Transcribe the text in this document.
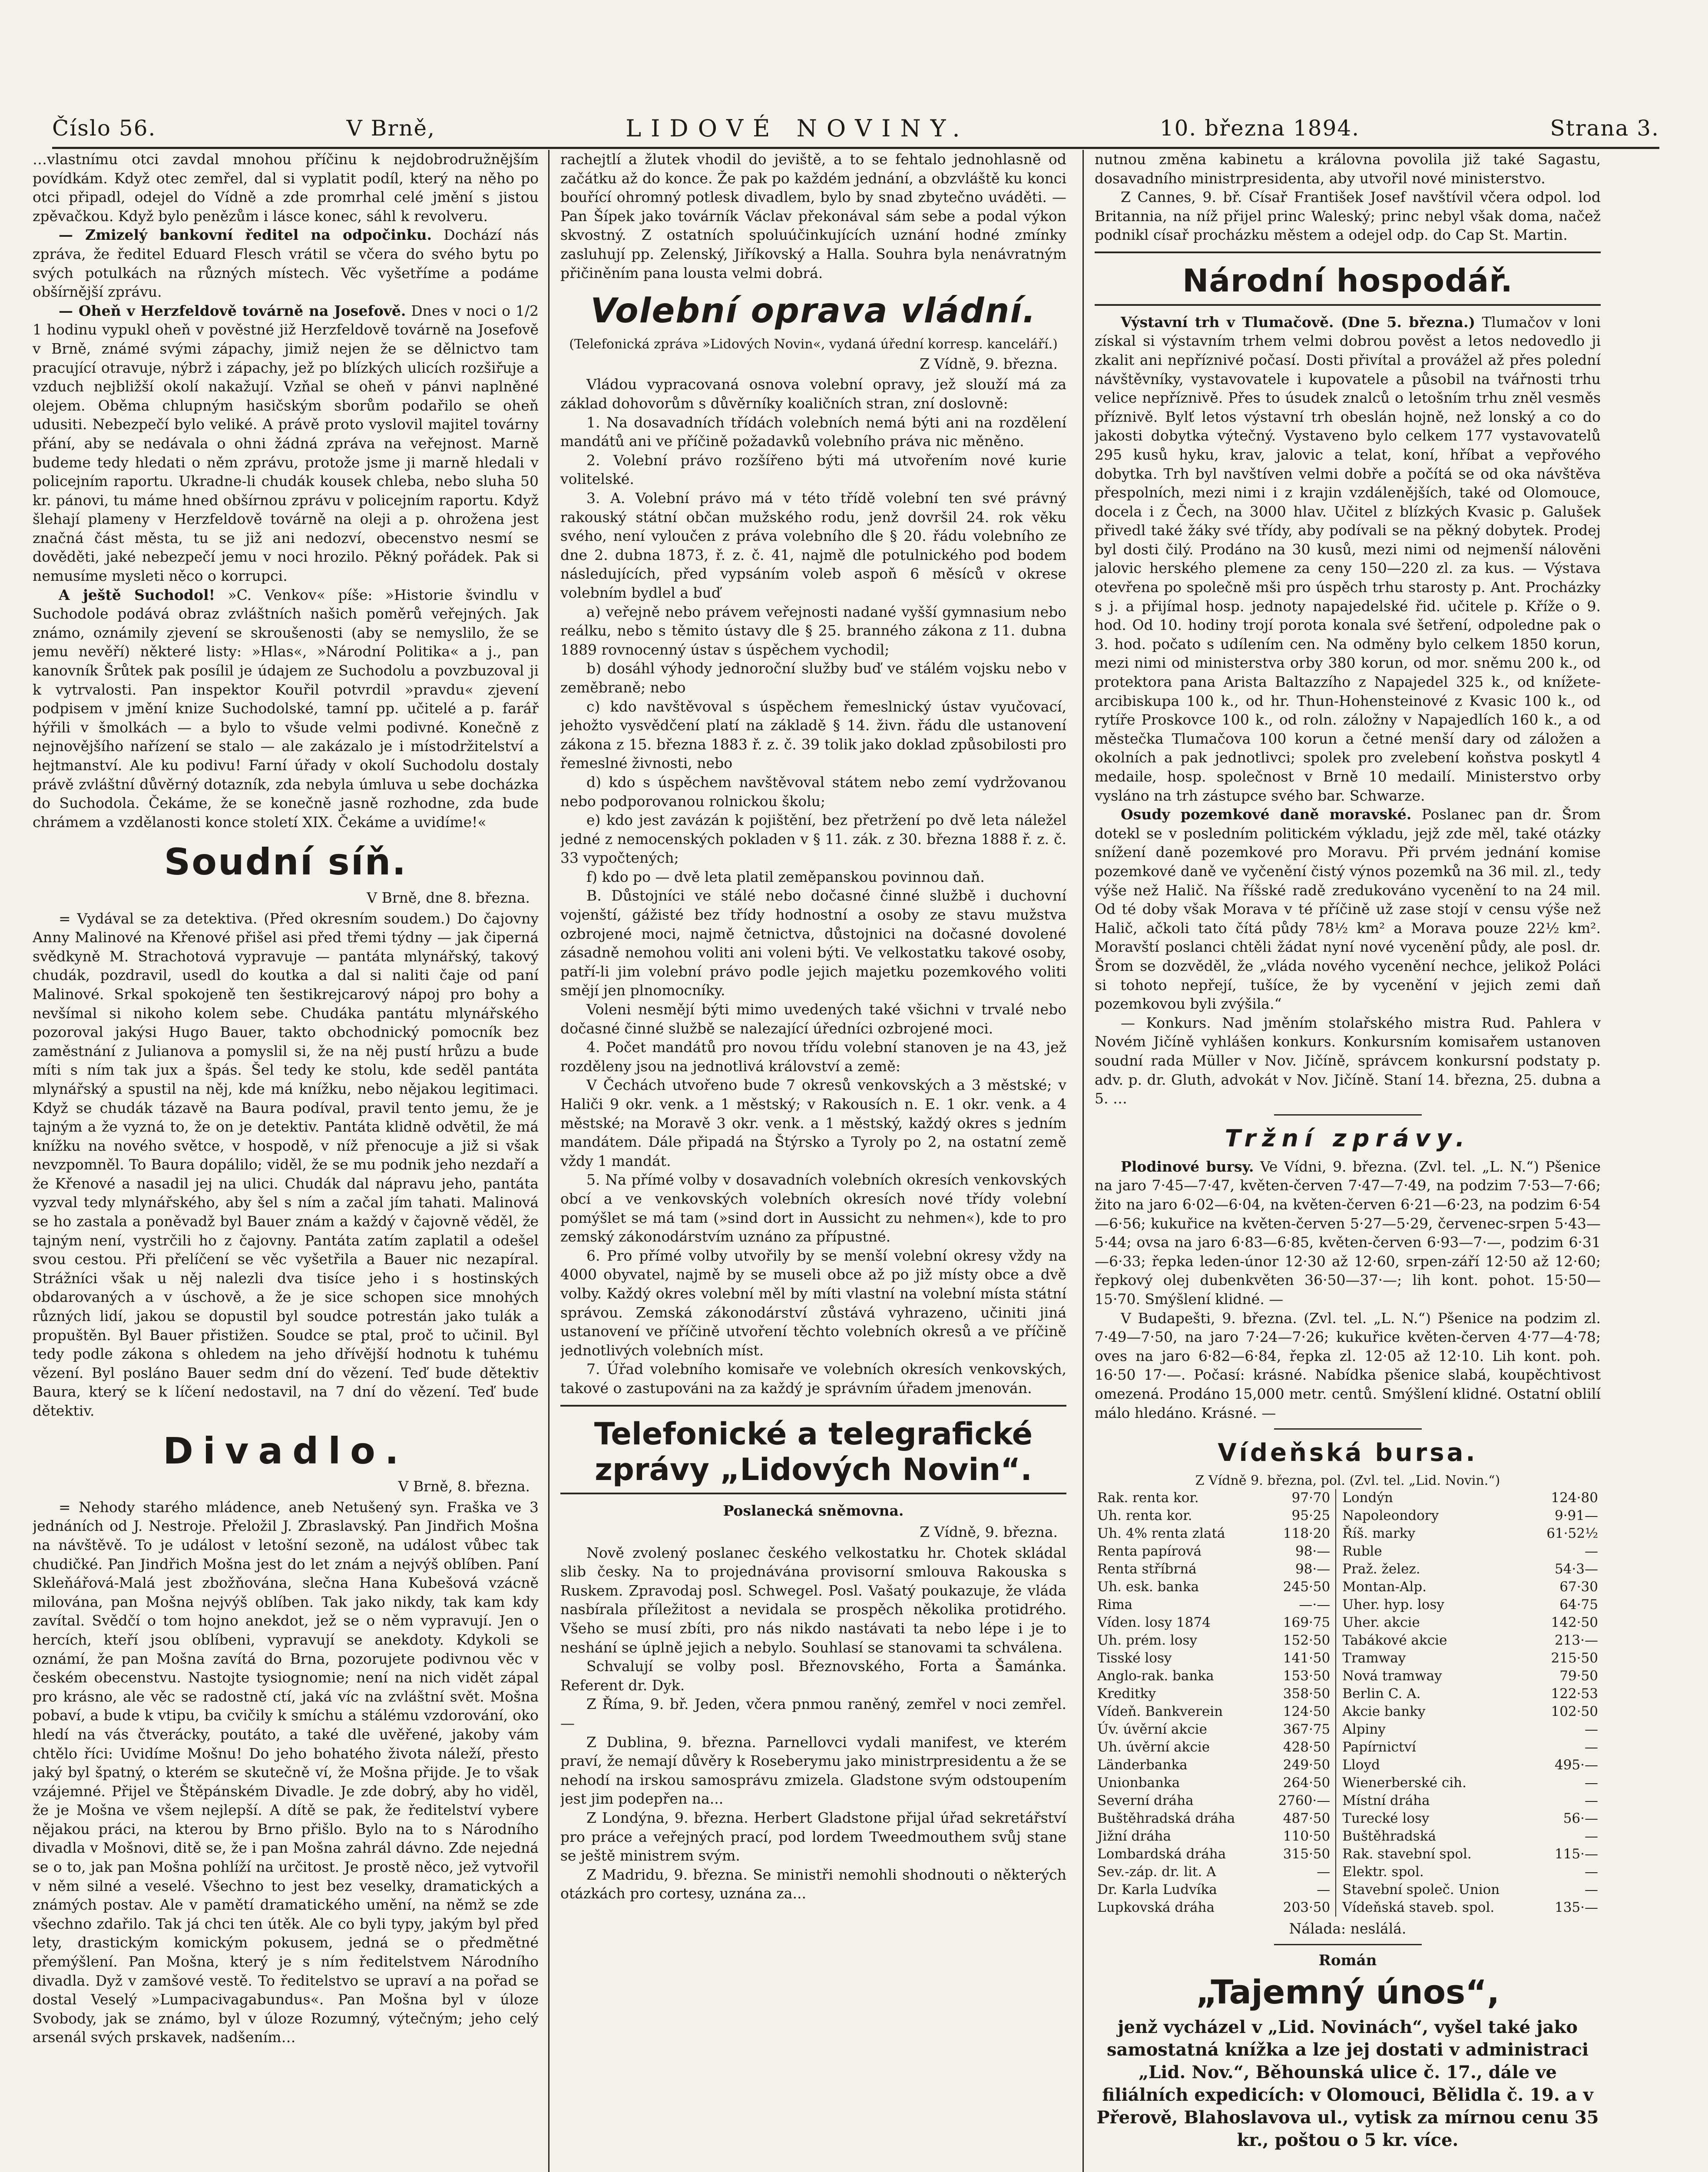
Číslo 56.	V Brně,	LIDOVÉ NOVINY.	10. března 1894.	Strana 3.

…vlastnímu otci zavdal mnohou příčinu k nejdobrodružnějším povídkám. Když otec zemřel, dal si vyplatit podíl, který na něho po otci připadl, odejel do Vídně a zde promrhal celé jmění s jistou zpěvačkou. Když bylo penězům i lásce konec, sáhl k revolveru.

— Zmizelý bankovní ředitel na odpočinku. Dochází nás zpráva, že ředitel Eduard Flesch vrátil se včera do svého bytu po svých potulkách na různých místech. Věc vyšetříme a podáme obšírnější zprávu.

— Oheň v Herzfeldově továrně na Josefově. Dnes v noci o 1/2 1 hodinu vypukl oheň v pověstné již Herzfeldově továrně na Josefově v Brně, známé svými zápachy, jimiž nejen že se dělnictvo tam pracující otravuje, nýbrž i zápachy, jež po blízkých ulicích rozšiřuje a vzduch nejbližší okolí nakažují. Vzňal se oheň v pánvi naplněné olejem. Oběma chlupným hasičským sborům podařilo se oheň udusiti. Nebezpečí bylo veliké. A právě proto vyslovil majitel továrny přání, aby se nedávala o ohni žádná zpráva na veřejnost. Marně budeme tedy hledati o něm zprávu, protože jsme ji marně hledali v policejním raportu. Ukradne-li chudák kousek chleba, nebo sluha 50 kr. pánovi, tu máme hned obšírnou zprávu v policejním raportu. Když šlehají plameny v Herzfeldově továrně na oleji a p. ohrožena jest značná část města, tu se již ani nedozví, obecenstvo nesmí se dověděti, jaké nebezpečí jemu v noci hrozilo. Pěkný pořádek. Pak si nemusíme mysleti něco o korrupci.

A ještě Suchodol! »C. Venkov« píše: »Historie švindlu v Suchodole podává obraz zvláštních našich poměrů veřejných. Jak známo, oznámily zjevení se skroušenosti (aby se nemyslilo, že se jemu nevěří) některé listy: »Hlas«, »Národní Politika« a j., pan kanovník Šrůtek pak posílil je údajem ze Suchodolu a povzbuzoval ji k vytrvalosti. Pan inspektor Kouřil potvrdil »pravdu« zjevení podpisem v jmění knize Suchodolské, tamní pp. učitelé a p. farář hýřili v šmolkách — a bylo to všude velmi podivné. Konečně z nejnovějšího nařízení se stalo — ale zakázalo je i místodržitelství a hejtmanství. Ale ku podivu! Farní úřady v okolí Suchodolu dostaly právě zvláštní důvěrný dotazník, zda nebyla úmluva u sebe docházka do Suchodola. Čekáme, že se konečně jasně rozhodne, zda bude chrámem a vzdělanosti konce století XIX. Čekáme a uvidíme!«

Soudní síň.
V Brně, dne 8. března.

= Vydával se za detektiva. (Před okresním soudem.) Do čajovny Anny Malinové na Křenové přišel asi před třemi týdny — jak čiperná svědkyně M. Strachotová vypravuje — pantáta mlynářský, takový chudák, pozdravil, usedl do koutka a dal si naliti čaje od paní Malinové. Srkal spokojeně ten šestikrejcarový nápoj pro bohy a nevšímal si nikoho kolem sebe. Chudáka pantátu mlynářského pozoroval jakýsi Hugo Bauer, takto obchodnický pomocník bez zaměstnání z Julianova a pomyslil si, že na něj pustí hrůzu a bude míti s ním tak jux a špás. Šel tedy ke stolu, kde seděl pantáta mlynářský a spustil na něj, kde má knížku, nebo nějakou legitimaci. Když se chudák tázavě na Baura podíval, pravil tento jemu, že je tajným a že vyzná to, že on je detektiv. Pantáta klidně odvětil, že má knížku na nového světce, v hospodě, v níž přenocuje a již si však nevzpomněl. To Baura dopálilo; viděl, že se mu podnik jeho nezdaří a že Křenové a nasadil jej na ulici. Chudák dal nápravu jeho, pantáta vyzval tedy mlynářského, aby šel s ním a začal jím tahati. Malinová se ho zastala a poněvadž byl Bauer znám a každý v čajovně věděl, že tajným není, vystrčili ho z čajovny. Pantáta zatím zaplatil a odešel svou cestou. Při přelíčení se věc vyšetřila a Bauer nic nezapíral. Strážníci však u něj nalezli dva tisíce jeho i s hostinských obdarovaných a v úschově, a že je sice schopen sice mnohých různých lidí, jakou se dopustil byl soudce potrestán jako tulák a propuštěn. Byl Bauer přistižen. Soudce se ptal, proč to učinil. Byl tedy podle zákona s ohledem na jeho dřívější hodnotu k tuhému vězení. Byl posláno Bauer sedm dní do vězení. Teď bude dětektiv Baura, který se k líčení nedostavil, na 7 dní do vězení. Teď bude dětektiv.

Divadlo.
V Brně, 8. března.

= Nehody starého mládence, aneb Netušený syn. Fraška ve 3 jednáních od J. Nestroje. Přeložil J. Zbraslavský. Pan Jindřich Mošna na návštěvě. To je událost v letošní sezoně, na událost vůbec tak chudičké. Pan Jindřich Mošna jest do let znám a nejvýš oblíben. Paní Skleňářová-Malá jest zbožňována, slečna Hana Kubešová vzácně milována, pan Mošna nejvýš oblíben. Tak jako nikdy, tak kam kdy zavítal. Svědčí o tom hojno anekdot, jež se o něm vypravují. Jen o hercích, kteří jsou oblíbeni, vypravují se anekdoty. Kdykoli se oznámí, že pan Mošna zavítá do Brna, pozorujete podivnou věc v českém obecenstvu. Nastojte tysiognomie; není na nich vidět zápal pro krásno, ale věc se radostně ctí, jaká víc na zvláštní svět. Mošna pobaví, a bude k vtipu, ba cvičily k smíchu a stálému vzdorování, oko hledí na vás čtverácky, poutáto, a také dle uvěřené, jakoby vám chtělo říci: Uvidíme Mošnu! Do jeho bohatého života náleží, přesto jaký byl špatný, o kterém se skutečně ví, že Mošna přijde. Je to však vzájemné. Přijel ve Štěpánském Divadle. Je zde dobrý, aby ho viděl, že je Mošna ve všem nejlepší. A dítě se pak, že ředitelství vybere nějakou práci, na kterou by Brno přišlo. Bylo na to s Národního divadla v Mošnovi, ditě se, že i pan Mošna zahrál dávno. Zde nejedná se o to, jak pan Mošna pohlíží na určitost. Je prostě něco, jež vytvořil v něm silné a veselé. Všechno to jest bez veselky, dramatických a známých postav. Ale v pamětí dramatického umění, na němž se zde všechno zdařilo. Tak já chci ten útěk. Ale co byli typy, jakým byl před lety, drastickým komickým pokusem, jedná se o předmětné přemýšlení. Pan Mošna, který je s ním ředitelstvem Národního divadla. Dyž v zamšové vestě. To ředitelstvo se upraví a na pořad se dostal Veselý »Lumpacivagabundus«. Pan Mošna byl v úloze Svobody, jak se známo, byl v úloze Rozumný, výtečným; jeho celý arsenál svých prskavek, nadšením…

rachejtlí a žlutek vhodil do jeviště, a to se fehtalo jednohlasně od začátku až do konce. Že pak po každém jednání, a obzvláště ku konci bouřící ohromný potlesk divadlem, bylo by snad zbytečno uváděti. — Pan Šípek jako továrník Václav překonával sám sebe a podal výkon skvostný. Z ostatních spoluúčinkujících uznání hodné zmínky zasluhují pp. Zelenský, Jiříkovský a Halla. Souhra byla nenávratným přičiněním pana lousta velmi dobrá.

Volební oprava vládní.
(Telefonická zpráva »Lidových Novin«, vydaná úřední korresp. kanceláří.)
Z Vídně, 9. března.

Vládou vypracovaná osnova volební opravy, jež slouží má za základ dohovorům s důvěrníky koaličních stran, zní doslovně:

1. Na dosavadních třídách volebních nemá býti ani na rozdělení mandátů ani ve příčině požadavků volebního práva nic měněno.

2. Volební právo rozšířeno býti má utvořením nové kurie volitelské.

3. A. Volební právo má v této třídě volební ten své právný rakouský státní občan mužského rodu, jenž dovršil 24. rok věku svého, není vyloučen z práva volebního dle § 20. řádu volebního ze dne 2. dubna 1873, ř. z. č. 41, najmě dle potulnického pod bodem následujících, před vypsáním voleb aspoň 6 měsíců v okrese volebním bydlel a buď

a) veřejně nebo právem veřejnosti nadané vyšší gymnasium nebo reálku, nebo s těmito ústavy dle § 25. branného zákona z 11. dubna 1889 rovnocenný ústav s úspěchem vychodil;

b) dosáhl výhody jednoroční služby buď ve stálém vojsku nebo v zeměbraně; nebo

c) kdo navštěvoval s úspěchem řemeslnický ústav vyučovací, jehožto vysvědčení platí na základě § 14. živn. řádu dle ustanovení zákona z 15. března 1883 ř. z. č. 39 tolik jako doklad způsobilosti pro řemeslné živnosti, nebo

d) kdo s úspěchem navštěvoval státem nebo zemí vydržovanou nebo podporovanou rolnickou školu;

e) kdo jest zavázán k pojištění, bez přetržení po dvě leta náležel jedné z nemocenských pokladen v § 11. zák. z 30. března 1888 ř. z. č. 33 vypočtených;

f) kdo po — dvě leta platil zeměpanskou povinnou daň.

B. Důstojníci ve stálé nebo dočasné činné službě i duchovní vojenští, gážisté bez třídy hodnostní a osoby ze stavu mužstva ozbrojené moci, najmě četnictva, důstojnici na dočasné dovolené zásadně nemohou voliti ani voleni býti. Ve velkostatku takové osoby, patří-li jim volební právo podle jejich majetku pozemkového voliti smějí jen plnomocníky.

Voleni nesmějí býti mimo uvedených také všichni v trvalé nebo dočasné činné službě se nalezající úředníci ozbrojené moci.

4. Počet mandátů pro novou třídu volební stanoven je na 43, jež rozděleny jsou na jednotlivá království a země:

V Čechách utvořeno bude 7 okresů venkovských a 3 městské; v Haliči 9 okr. venk. a 1 městský; v Rakousích n. E. 1 okr. venk. a 4 městské; na Moravě 3 okr. venk. a 1 městský, každý okres s jedním mandátem. Dále připadá na Štýrsko a Tyroly po 2, na ostatní země vždy 1 mandát.

5. Na přímé volby v dosavadních volebních okresích venkovských obcí a ve venkovských volebních okresích nové třídy volební pomýšlet se má tam (»sind dort in Aussicht zu nehmen«), kde to pro zemský zákonodárstvím uznáno za přípustné.

6. Pro přímé volby utvořily by se menší volební okresy vždy na 4000 obyvatel, najmě by se museli obce až po již místy obce a dvě volby. Každý okres volební měl by míti vlastní na volební místa státní správou. Zemská zákonodárství zůstává vyhrazeno, učiniti jiná ustanovení ve příčině utvoření těchto volebních okresů a ve příčině jednotlivých volebních míst.

7. Úřad volebního komisaře ve volebních okresích venkovských, takové o zastupováni na za každý je správním úřadem jmenován.

Telefonické a telegrafické zprávy „Lidových Novin“.
Poslanecká sněmovna.
Z Vídně, 9. března.

Nově zvolený poslanec českého velkostatku hr. Chotek skládal slib česky. Na to projednávána provisorní smlouva Rakouska s Ruskem. Zpravodaj posl. Schwegel. Posl. Vašatý poukazuje, že vláda nasbírala příležitost a nevidala se prospěch několika protidrého. Všeho se musí zbíti, pro nás nikdo nastávati ta nebo lépe i je to neshání se úplně jejich a nebylo. Souhlasí se stanovami ta schválena.

Schvalují se volby posl. Březnovského, Forta a Šamánka. Referent dr. Dyk.

Z Říma, 9. bř. Jeden, včera pnmou raněný, zemřel v noci zemřel. —

Z Dublina, 9. března. Parnellovci vydali manifest, ve kterém praví, že nemají důvěry k Roseberymu jako ministrpresidentu a že se nehodí na irskou samosprávu zmizela. Gladstone svým odstoupením jest jim podepřen na...

Z Londýna, 9. března. Herbert Gladstone přijal úřad sekretářství pro práce a veřejných prací, pod lordem Tweedmouthem svůj stane se ještě ministrem svým.

Z Madridu, 9. března. Se ministři nemohli shodnouti o některých otázkách pro cortesy, uznána za...

nutnou změna kabinetu a královna povolila již také Sagastu, dosavadního ministrpresidenta, aby utvořil nové ministerstvo.

Z Cannes, 9. bř. Císař František Josef navštívil včera odpol. lod Britannia, na níž přijel princ Waleský; princ nebyl však doma, načež podnikl císař procházku městem a odejel odp. do Cap St. Martin.

Národní hospodář.

Výstavní trh v Tlumačově. (Dne 5. března.) Tlumačov v loni získal si výstavním trhem velmi dobrou pověst a letos nedovedlo ji zkalit ani nepříznivé počasí. Dosti přivítal a provážel až přes polední návštěvníky, vystavovatele i kupovatele a působil na tvářnosti trhu velice nepříznivě. Přes to úsudek znalců o letošním trhu zněl vesměs příznivě. Bylť letos výstavní trh obeslán hojně, než lonský a co do jakosti dobytka výtečný. Vystaveno bylo celkem 177 vystavovatelů 295 kusů hyku, krav, jalovic a telat, koní, hříbat a vepřového dobytka. Trh byl navštíven velmi dobře a počítá se od oka návštěva přespolních, mezi nimi i z krajin vzdálenějších, také od Olomouce, docela i z Čech, na 3000 hlav. Učitel z blízkých Kvasic p. Galušek přivedl také žáky své třídy, aby podívali se na pěkný dobytek. Prodej byl dosti čilý. Prodáno na 30 kusů, mezi nimi od nejmenší nálověni jalovic herského plemene za ceny 150—220 zl. za kus. — Výstava otevřena po společně mši pro úspěch trhu starosty p. Ant. Procházky s j. a přijímal hosp. jednoty napajedelské řid. učitele p. Kříže o 9. hod. Od 10. hodiny trojí porota konala své šetření, odpoledne pak o 3. hod. počato s udílením cen. Na odměny bylo celkem 1850 korun, mezi nimi od ministerstva orby 380 korun, od mor. sněmu 200 k., od protektora pana Arista Baltazzího z Napajedel 325 k., od knížete-arcibiskupa 100 k., od hr. Thun-Hohensteinové z Kvasic 100 k., od rytíře Proskovce 100 k., od roln. záložny v Napajedlích 160 k., a od městečka Tlumačova 100 korun a četné menší dary od záložen a okolních a pak jednotlivci; spolek pro zvelebení koňstva poskytl 4 medaile, hosp. společnost v Brně 10 medailí. Ministerstvo orby vysláno na trh zástupce svého bar. Schwarze.

Osudy pozemkové daně moravské. Poslanec pan dr. Šrom dotekl se v posledním politickém výkladu, jejž zde měl, také otázky snížení daně pozemkové pro Moravu. Při prvém jednání komise pozemkové daně ve vyčenění čistý výnos pozemků na 36 mil. zl., tedy výše než Halič. Na říšské radě zredukováno vycenění to na 24 mil. Od té doby však Morava v té příčině už zase stojí v censu výše než Halič, ačkoli tato čítá půdy 78½ km² a Morava pouze 22½ km². Moravští poslanci chtěli žádat nyní nové vycenění půdy, ale posl. dr. Šrom se dozvěděl, že „vláda nového vycenění nechce, jelikož Poláci si tohoto nepřejí, tušíce, že by vycenění v jejich zemi daň pozemkovou byli zvýšila.“

— Konkurs. Nad jměním stolařského mistra Rud. Pahlera v Novém Jičíně vyhlášen konkurs. Konkursním komisařem ustanoven soudní rada Müller v Nov. Jičíně, správcem konkursní podstaty p. adv. p. dr. Gluth, advokát v Nov. Jičíně. Staní 14. března, 25. dubna a 5. …

Tržní zprávy.

Plodinové bursy. Ve Vídni, 9. března. (Zvl. tel. „L. N.“) Pšenice na jaro 7·45—7·47, květen-červen 7·47—7·49, na podzim 7·53—7·66; žito na jaro 6·02—6·04, na květen-červen 6·21—6·23, na podzim 6·54—6·56; kukuřice na květen-červen 5·27—5·29, červenec-srpen 5·43—5·44; ovsa na jaro 6·83—6·85, květen-červen 6·93—7·—, podzim 6·31—6·33; řepka leden-únor 12·30 až 12·60, srpen-září 12·50 až 12·60; řepkový olej dubenkvěten 36·50—37·—; lih kont. pohot. 15·50—15·70. Smýšlení klidné. —

V Budapešti, 9. března. (Zvl. tel. „L. N.“) Pšenice na podzim zl. 7·49—7·50, na jaro 7·24—7·26; kukuřice květen-červen 4·77—4·78; oves na jaro 6·82—6·84, řepka zl. 12·05 až 12·10. Lih kont. poh. 16·50 17·—. Počasí: krásné. Nabídka pšenice slabá, koupěchtivost omezená. Prodáno 15,000 metr. centů. Smýšlení klidné. Ostatní oblilí málo hledáno. Krásné. —

Vídeňská bursa.
Z Vídně 9. března, pol. (Zvl. tel. „Lid. Novin.“)
Rak. renta kor.	97·70	Londýn	124·80
Uh. renta kor.	95·25	Napoleondory	9·91—
Uh. 4% renta zlatá	118·20	Říš. marky	61·52½
Renta papírová	98·—	Ruble	—
Renta stříbrná	98·—	Praž. želez.	54·3—
Uh. esk. banka	245·50	Montan-Alp.	67·30
Rima	—·—	Uher. hyp. losy	64·75
Víden. losy 1874	169·75	Uher. akcie	142·50
Uh. prém. losy	152·50	Tabákové akcie	213·—
Tisské losy	141·50	Tramway	215·50
Anglo-rak. banka	153·50	Nová tramway	79·50
Kreditky	358·50	Berlin C. A.	122·53
Vídeň. Bankverein	124·50	Akcie banky	102·50
Úv. úvěrní akcie	367·75	Alpiny	—
Uh. úvěrní akcie	428·50	Papírnictví	—
Länderbanka	249·50	Lloyd	495·—
Unionbanka	264·50	Wienerberské cih.	—
Severní dráha	2760·—	Místní dráha	—
Buštěhradská dráha	487·50	Turecké losy	56·—
Jižní dráha	110·50	Buštěhradská	—
Lombardská dráha	315·50	Rak. stavební spol.	115·—
Sev.-záp. dr. lit. A	—	Elektr. spol.	—
Dr. Karla Ludvíka	—	Stavební společ. Union	—
Lupkovská dráha	203·50	Vídeňská staveb. spol.	135·—
Nálada: neslálá.
Román
„Tajemný únos“,
jenž vycházel v „Lid. Novinách“, vyšel také jako samostatná knížka a lze jej dostati v administraci „Lid. Nov.“, Běhounská ulice č. 17., dále ve filiálních expedicích: v Olomouci, Bělidla č. 19. a v Přerově, Blahoslavova ul., vytisk za mírnou cenu 35 kr., poštou o 5 kr. více.
